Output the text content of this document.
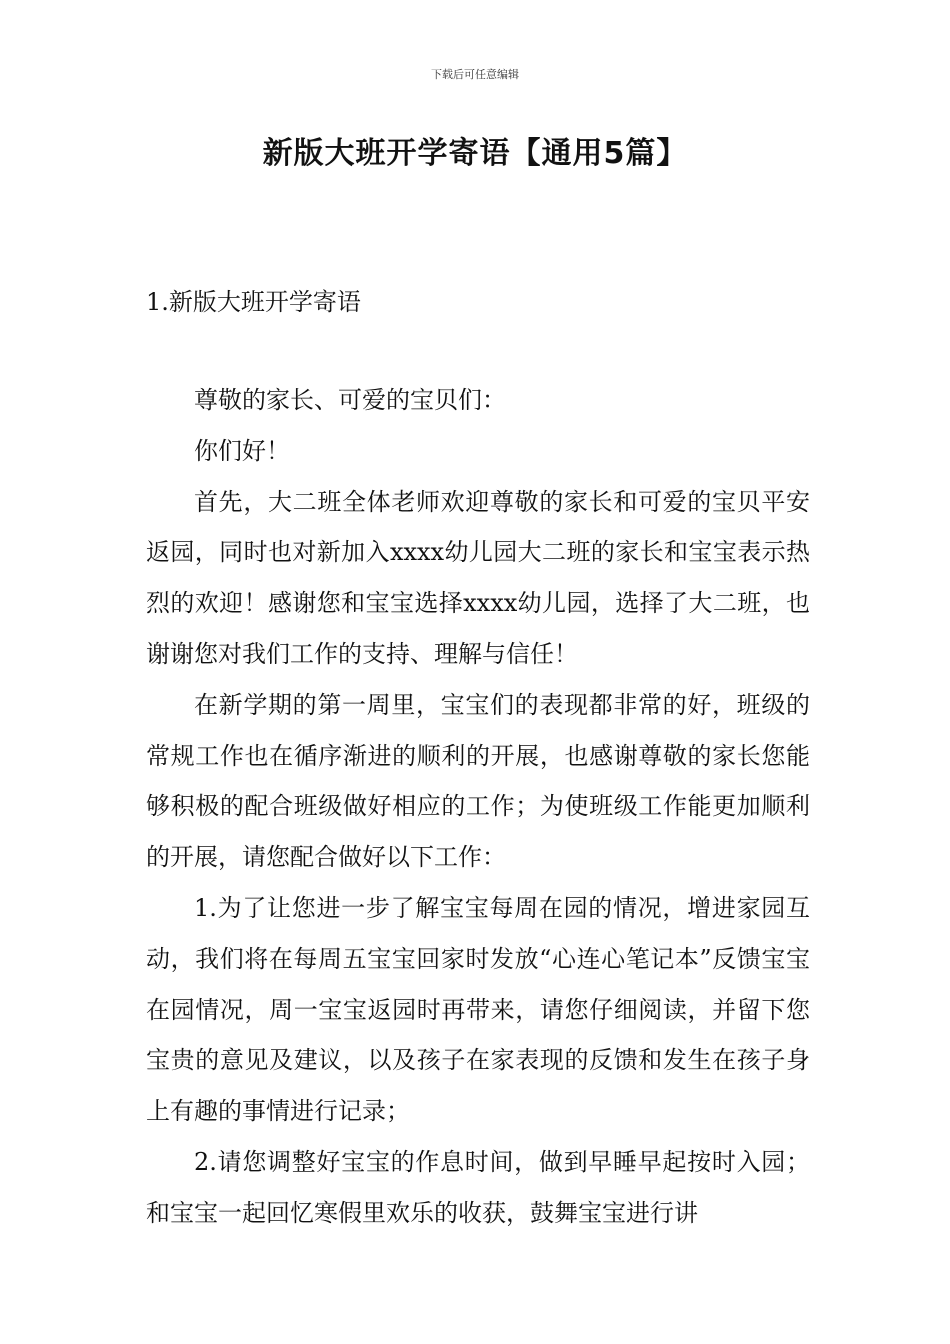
下载后可任意编辑
新版大班开学寄语【通用5篇】
1.新版大班开学寄语

尊敬的家长、可爱的宝贝们：

你们好！

首先，大二班全体老师欢迎尊敬的家长和可爱的宝贝平安返园，同时也对新加入xxxx幼儿园大二班的家长和宝宝表示热烈的欢迎！感谢您和宝宝选择xxxx幼儿园，选择了大二班，也谢谢您对我们工作的支持、理解与信任！

在新学期的第一周里，宝宝们的表现都非常的好，班级的常规工作也在循序渐进的顺利的开展，也感谢尊敬的家长您能够积极的配合班级做好相应的工作；为使班级工作能更加顺利的开展，请您配合做好以下工作：

1.为了让您进一步了解宝宝每周在园的情况，增进家园互动，我们将在每周五宝宝回家时发放“心连心笔记本”反馈宝宝在园情况，周一宝宝返园时再带来，请您仔细阅读，并留下您宝贵的意见及建议，以及孩子在家表现的反馈和发生在孩子身上有趣的事情进行记录；

2.请您调整好宝宝的作息时间，做到早睡早起按时入园；和宝宝一起回忆寒假里欢乐的收获，鼓舞宝宝进行讲
